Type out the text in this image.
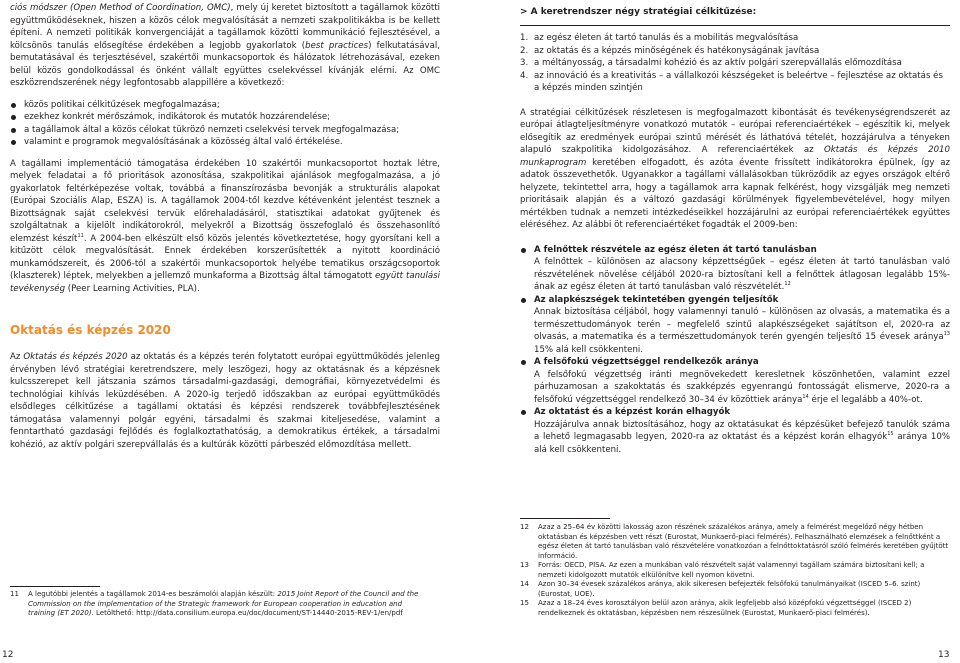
ciós módszer (Open Method of Coordination, OMC), mely új keretet biztosított a tagállamok közötti együttműködéseknek, hiszen a közös célok megvalósítását a nemzeti szakpolitikákba is be kellett építeni. A nemzeti politikák konvergenciáját a tagállamok közötti kommunikáció fejlesztésével, a kölcsönös tanulás elősegítése érdekében a legjobb gyakorlatok (best practices) felkutatásával, bemutatásával és terjesztésével, szakértői munkacsoportok és hálózatok létrehozásával, ezeken belül közös gondolkodással és önként vállalt együttes cselekvéssel kívánják elérni. Az OMC eszközrendszerének négy legfontosabb alappillére a következő:

közös politikai célkitűzések megfogalmazása;
ezekhez konkrét mérőszámok, indikátorok és mutatók hozzárendelése;
a tagállamok által a közös célokat tükröző nemzeti cselekvési tervek megfogalmazása;
valamint e programok megvalósításának a közösség által való értékelése.

A tagállami implementáció támogatása érdekében 10 szakértői munkacsoportot hoztak létre, melyek feladatai a fő prioritások azonosítása, szakpolitikai ajánlások megfogalmazása, a jó gyakorlatok feltérképezése voltak, továbbá a finanszírozásba bevonják a strukturális alapokat (Európai Szociális Alap, ESZA) is. A tagállamok 2004-től kezdve kétévenként jelentést tesznek a Bizottságnak saját cselekvési tervük előrehaladásáról, statisztikai adatokat gyűjtenek és szolgáltatnak a kijelölt indikátorokról, melyekről a Bizottság összefoglaló és összehasonlító elemzést készít$^{11}$. A 2004-ben elkészült első közös jelentés következtetése, hogy gyorsítani kell a kitűzött célok megvalósítását. Ennek érdekében korszerűsítették a nyitott koordináció munkamódszereit, és 2006-tól a szakértői munkacsoportok helyébe tematikus országcsoportok (klaszterek) léptek, melyekben a jellemző munkaforma a Bizottság által támogatott együtt tanulási tevékenység (Peer Learning Activities, PLA).

Oktatás és képzés 2020

Az Oktatás és képzés 2020 az oktatás és a képzés terén folytatott európai együttműködés jelenleg érvényben lévő stratégiai keretrendszere, mely leszögezi, hogy az oktatásnak és a képzésnek kulcsszerepet kell játszania számos társadalmi-gazdasági, demográfiai, környezetvédelmi és technológiai kihívás leküzdésében. A 2020-ig terjedő időszakban az európai együttműködés elsődleges célkitűzése a tagállami oktatási és képzési rendszerek továbbfejlesztésének támogatása valamennyi polgár egyéni, társadalmi és szakmai kiteljesedése, valamint a fenntartható gazdasági fejlődés és foglalkoztathatóság, a demokratikus értékek, a társadalmi kohézió, az aktív polgári szerepvállalás és a kultúrák közötti párbeszéd előmozdítása mellett.

11 A legutóbbi jelentés a tagállamok 2014-es beszámolói alapján készült: 2015 Joint Report of the Council and the Commission on the implementation of the Strategic framework for European cooperation in education and training (ET 2020). Letölthető: http://data.consilium.europa.eu/doc/document/ST-14440-2015-REV-1/en/pdf
12
> A keretrendszer négy stratégiai célkitűzése:
1. az egész életen át tartó tanulás és a mobilitás megvalósítása
2. az oktatás és a képzés minőségének és hatékonyságának javítása
3. a méltányosság, a társadalmi kohézió és az aktív polgári szerepvállalás előmozdítása
4. az innováció és a kreativitás – a vállalkozói készségeket is beleértve – fejlesztése az oktatás és a képzés minden szintjén

A stratégiai célkitűzések részletesen is megfogalmazott kibontását és tevékenységrendszerét az európai átlagteljesítményre vonatkozó mutatók – európai referenciaértékek – egészítik ki, melyek elősegítik az eredmények európai szintű mérését és láthatóvá tételét, hozzájárulva a tényeken alapuló szakpolitika kidolgozásához. A referenciaértékek az Oktatás és képzés 2010 munkaprogram keretében elfogadott, és azóta évente frissített indikátorokra épülnek, így az adatok összevethetők. Ugyanakkor a tagállami vállalásokban tükröződik az egyes országok eltérő helyzete, tekintettel arra, hogy a tagállamok arra kapnak felkérést, hogy vizsgálják meg nemzeti prioritásaik alapján és a változó gazdasági körülmények figyelembevételével, hogy milyen mértékben tudnak a nemzeti intézkedéseikkel hozzájárulni az európai referenciaértékek együttes eléréséhez. Az alábbi öt referenciaértéket fogadták el 2009-ben:

A felnőttek részvétele az egész életen át tartó tanulásban

A felnőttek – különösen az alacsony képzettségűek – egész életen át tartó tanulásban való részvételének növelése céljából 2020-ra biztosítani kell a felnőttek átlagosan legalább 15%-ának az egész életen át tartó tanulásban való részvételét.$^{12}$

Az alapkészségek tekintetében gyengén teljesítők

Annak biztosítása céljából, hogy valamennyi tanuló – különösen az olvasás, a matematika és a természettudományok terén – megfelelő szintű alapkészségeket sajátítson el, 2020-ra az olvasás, a matematika és a természettudományok terén gyengén teljesítő 15 évesek aránya$^{13}$ 15% alá kell csökkenteni.

A felsőfokú végzettséggel rendelkezők aránya

A felsőfokú végzettség iránti megnövekedett keresletnek köszönhetően, valamint ezzel párhuzamosan a szakoktatás és szakképzés egyenrangú fontosságát elismerve, 2020-ra a felsőfokú végzettséggel rendelkező 30–34 év közöttiek aránya$^{14}$ érje el legalább a 40%-ot.

Az oktatást és a képzést korán elhagyók

Hozzájárulva annak biztosításához, hogy az oktatásukat és képzésüket befejező tanulók száma a lehető legmagasabb legyen, 2020-ra az oktatást és a képzést korán elhagyók$^{15}$ aránya 10% alá kell csökkenteni.

12 Azaz a 25–64 év közötti lakosság azon részének százalékos aránya, amely a felmérést megelőző négy hétben oktatásban és képzésben vett részt (Eurostat, Munkaerő-piaci felmérés). Felhasználható elemzések a felnőttként a egész életen át tartó tanulásban való részvételére vonatkozóan a felnőttoktatásról szóló felmérés keretében gyűjtött információ.
13 Forrás: OECD, PISA. Az ezen a munkában való részvételt saját valamennyi tagállam számára biztosítani kell; a nemzeti kidolgozott mutatók elkülönítve kell nyomon követni.
14 Azon 30–34 évesek százalékos aránya, akik sikeresen befejezték felsőfokú tanulmányaikat (ISCED 5–6. szint) (Eurostat, UOE).
15 Azaz a 18–24 éves korosztályon belül azon aránya, akik legfeljebb alsó középfokú végzettséggel (ISCED 2) rendelkeznek és oktatásban, képzésben nem részesülnek (Eurostat, Munkaerő-piaci felmérés).
13
